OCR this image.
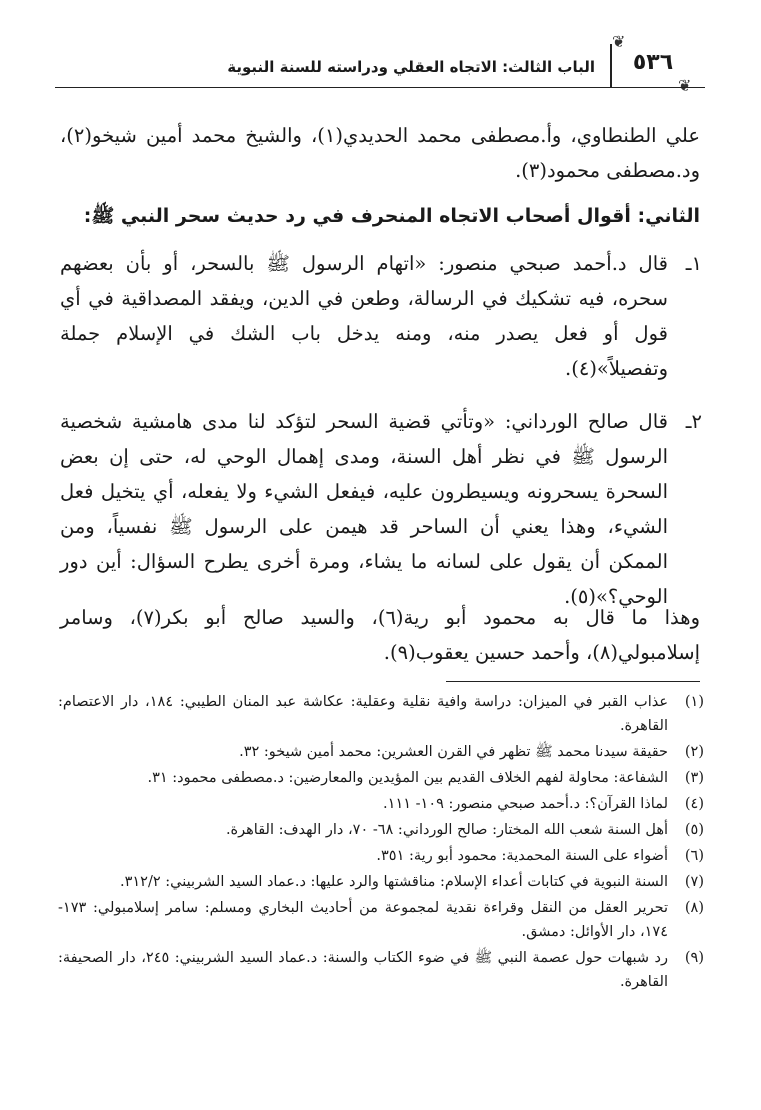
❦
❦
٥٣٦
الباب الثالث: الاتجاه العقلي ودراسته للسنة النبوية
علي الطنطاوي، وأ.مصطفى محمد الحديدي(١)، والشيخ محمد أمين شيخو(٢)، ود.مصطفى محمود(٣).
الثاني: أقوال أصحاب الاتجاه المنحرف في رد حديث سحر النبي ﷺ:
١ـ
قال د.أحمد صبحي منصور: «اتهام الرسول ﷺ بالسحر، أو بأن بعضهم سحره، فيه تشكيك في الرسالة، وطعن في الدين، ويفقد المصداقية في أي قول أو فعل يصدر منه، ومنه يدخل باب الشك في الإسلام جملة وتفصيلاً»(٤).
٢ـ
قال صالح الورداني: «وتأتي قضية السحر لتؤكد لنا مدى هامشية شخصية الرسول ﷺ في نظر أهل السنة، ومدى إهمال الوحي له، حتى إن بعض السحرة يسحرونه ويسيطرون عليه، فيفعل الشيء ولا يفعله، أي يتخيل فعل الشيء، وهذا يعني أن الساحر قد هيمن على الرسول ﷺ نفسياً، ومن الممكن أن يقول على لسانه ما يشاء، ومرة أخرى يطرح السؤال: أين دور الوحي؟»(٥).
وهذا ما قال به محمود أبو رية(٦)، والسيد صالح أبو بكر(٧)، وسامر إسلامبولي(٨)، وأحمد حسين يعقوب(٩).
(١)
عذاب القبر في الميزان: دراسة وافية نقلية وعقلية: عكاشة عبد المنان الطيبي: ١٨٤، دار الاعتصام: القاهرة.
(٢)
حقيقة سيدنا محمد ﷺ تظهر في القرن العشرين: محمد أمين شيخو: ٣٢.
(٣)
الشفاعة: محاولة لفهم الخلاف القديم بين المؤيدين والمعارضين: د.مصطفى محمود: ٣١.
(٤)
لماذا القرآن؟: د.أحمد صبحي منصور: ١٠٩- ١١١.
(٥)
أهل السنة شعب الله المختار: صالح الورداني: ٦٨- ٧٠، دار الهدف: القاهرة.
(٦)
أضواء على السنة المحمدية: محمود أبو رية: ٣٥١.
(٧)
السنة النبوية في كتابات أعداء الإسلام: مناقشتها والرد عليها: د.عماد السيد الشربيني: ٣١٢/٢.
(٨)
تحرير العقل من النقل وقراءة نقدية لمجموعة من أحاديث البخاري ومسلم: سامر إسلامبولي: ١٧٣- ١٧٤، دار الأوائل: دمشق.
(٩)
رد شبهات حول عصمة النبي ﷺ في ضوء الكتاب والسنة: د.عماد السيد الشربيني: ٢٤٥، دار الصحيفة: القاهرة.
